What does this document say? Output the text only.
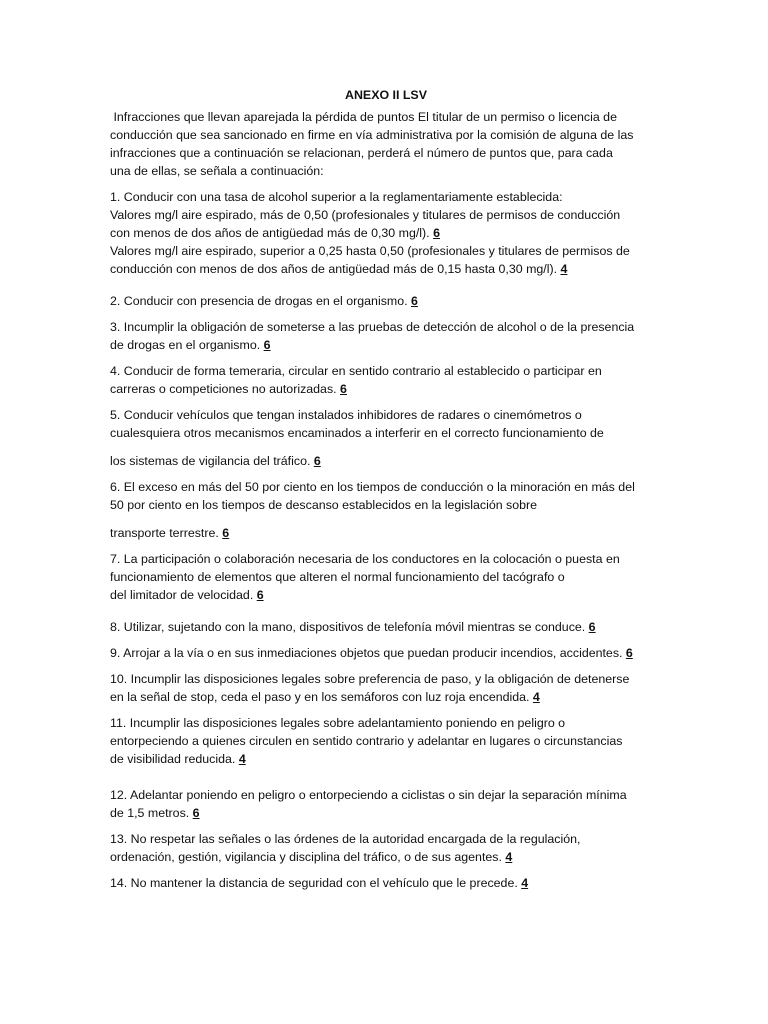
ANEXO II LSV
Infracciones que llevan aparejada la pérdida de puntos El titular de un permiso o licencia de
conducción que sea sancionado en firme en vía administrativa por la comisión de alguna de las
infracciones que a continuación se relacionan, perderá el número de puntos que, para cada
una de ellas, se señala a continuación:
1. Conducir con una tasa de alcohol superior a la reglamentariamente establecida:
Valores mg/l aire espirado, más de 0,50 (profesionales y titulares de permisos de conducción
con menos de dos años de antigüedad más de 0,30 mg/l). 6
Valores mg/l aire espirado, superior a 0,25 hasta 0,50 (profesionales y titulares de permisos de
conducción con menos de dos años de antigüedad más de 0,15 hasta 0,30 mg/l). 4
2. Conducir con presencia de drogas en el organismo. 6
3. Incumplir la obligación de someterse a las pruebas de detección de alcohol o de la presencia
de drogas en el organismo. 6
4. Conducir de forma temeraria, circular en sentido contrario al establecido o participar en
carreras o competiciones no autorizadas. 6
5. Conducir vehículos que tengan instalados inhibidores de radares o cinemómetros o
cualesquiera otros mecanismos encaminados a interferir en el correcto funcionamiento de
los sistemas de vigilancia del tráfico. 6
6. El exceso en más del 50 por ciento en los tiempos de conducción o la minoración en más del
50 por ciento en los tiempos de descanso establecidos en la legislación sobre
transporte terrestre. 6
7. La participación o colaboración necesaria de los conductores en la colocación o puesta en
funcionamiento de elementos que alteren el normal funcionamiento del tacógrafo o
del limitador de velocidad. 6
8. Utilizar, sujetando con la mano, dispositivos de telefonía móvil mientras se conduce. 6
9. Arrojar a la vía o en sus inmediaciones objetos que puedan producir incendios, accidentes. 6
10. Incumplir las disposiciones legales sobre preferencia de paso, y la obligación de detenerse
en la señal de stop, ceda el paso y en los semáforos con luz roja encendida. 4
11. Incumplir las disposiciones legales sobre adelantamiento poniendo en peligro o
entorpeciendo a quienes circulen en sentido contrario y adelantar en lugares o circunstancias
de visibilidad reducida. 4
12. Adelantar poniendo en peligro o entorpeciendo a ciclistas o sin dejar la separación mínima
de 1,5 metros. 6
13. No respetar las señales o las órdenes de la autoridad encargada de la regulación,
ordenación, gestión, vigilancia y disciplina del tráfico, o de sus agentes. 4
14. No mantener la distancia de seguridad con el vehículo que le precede. 4
